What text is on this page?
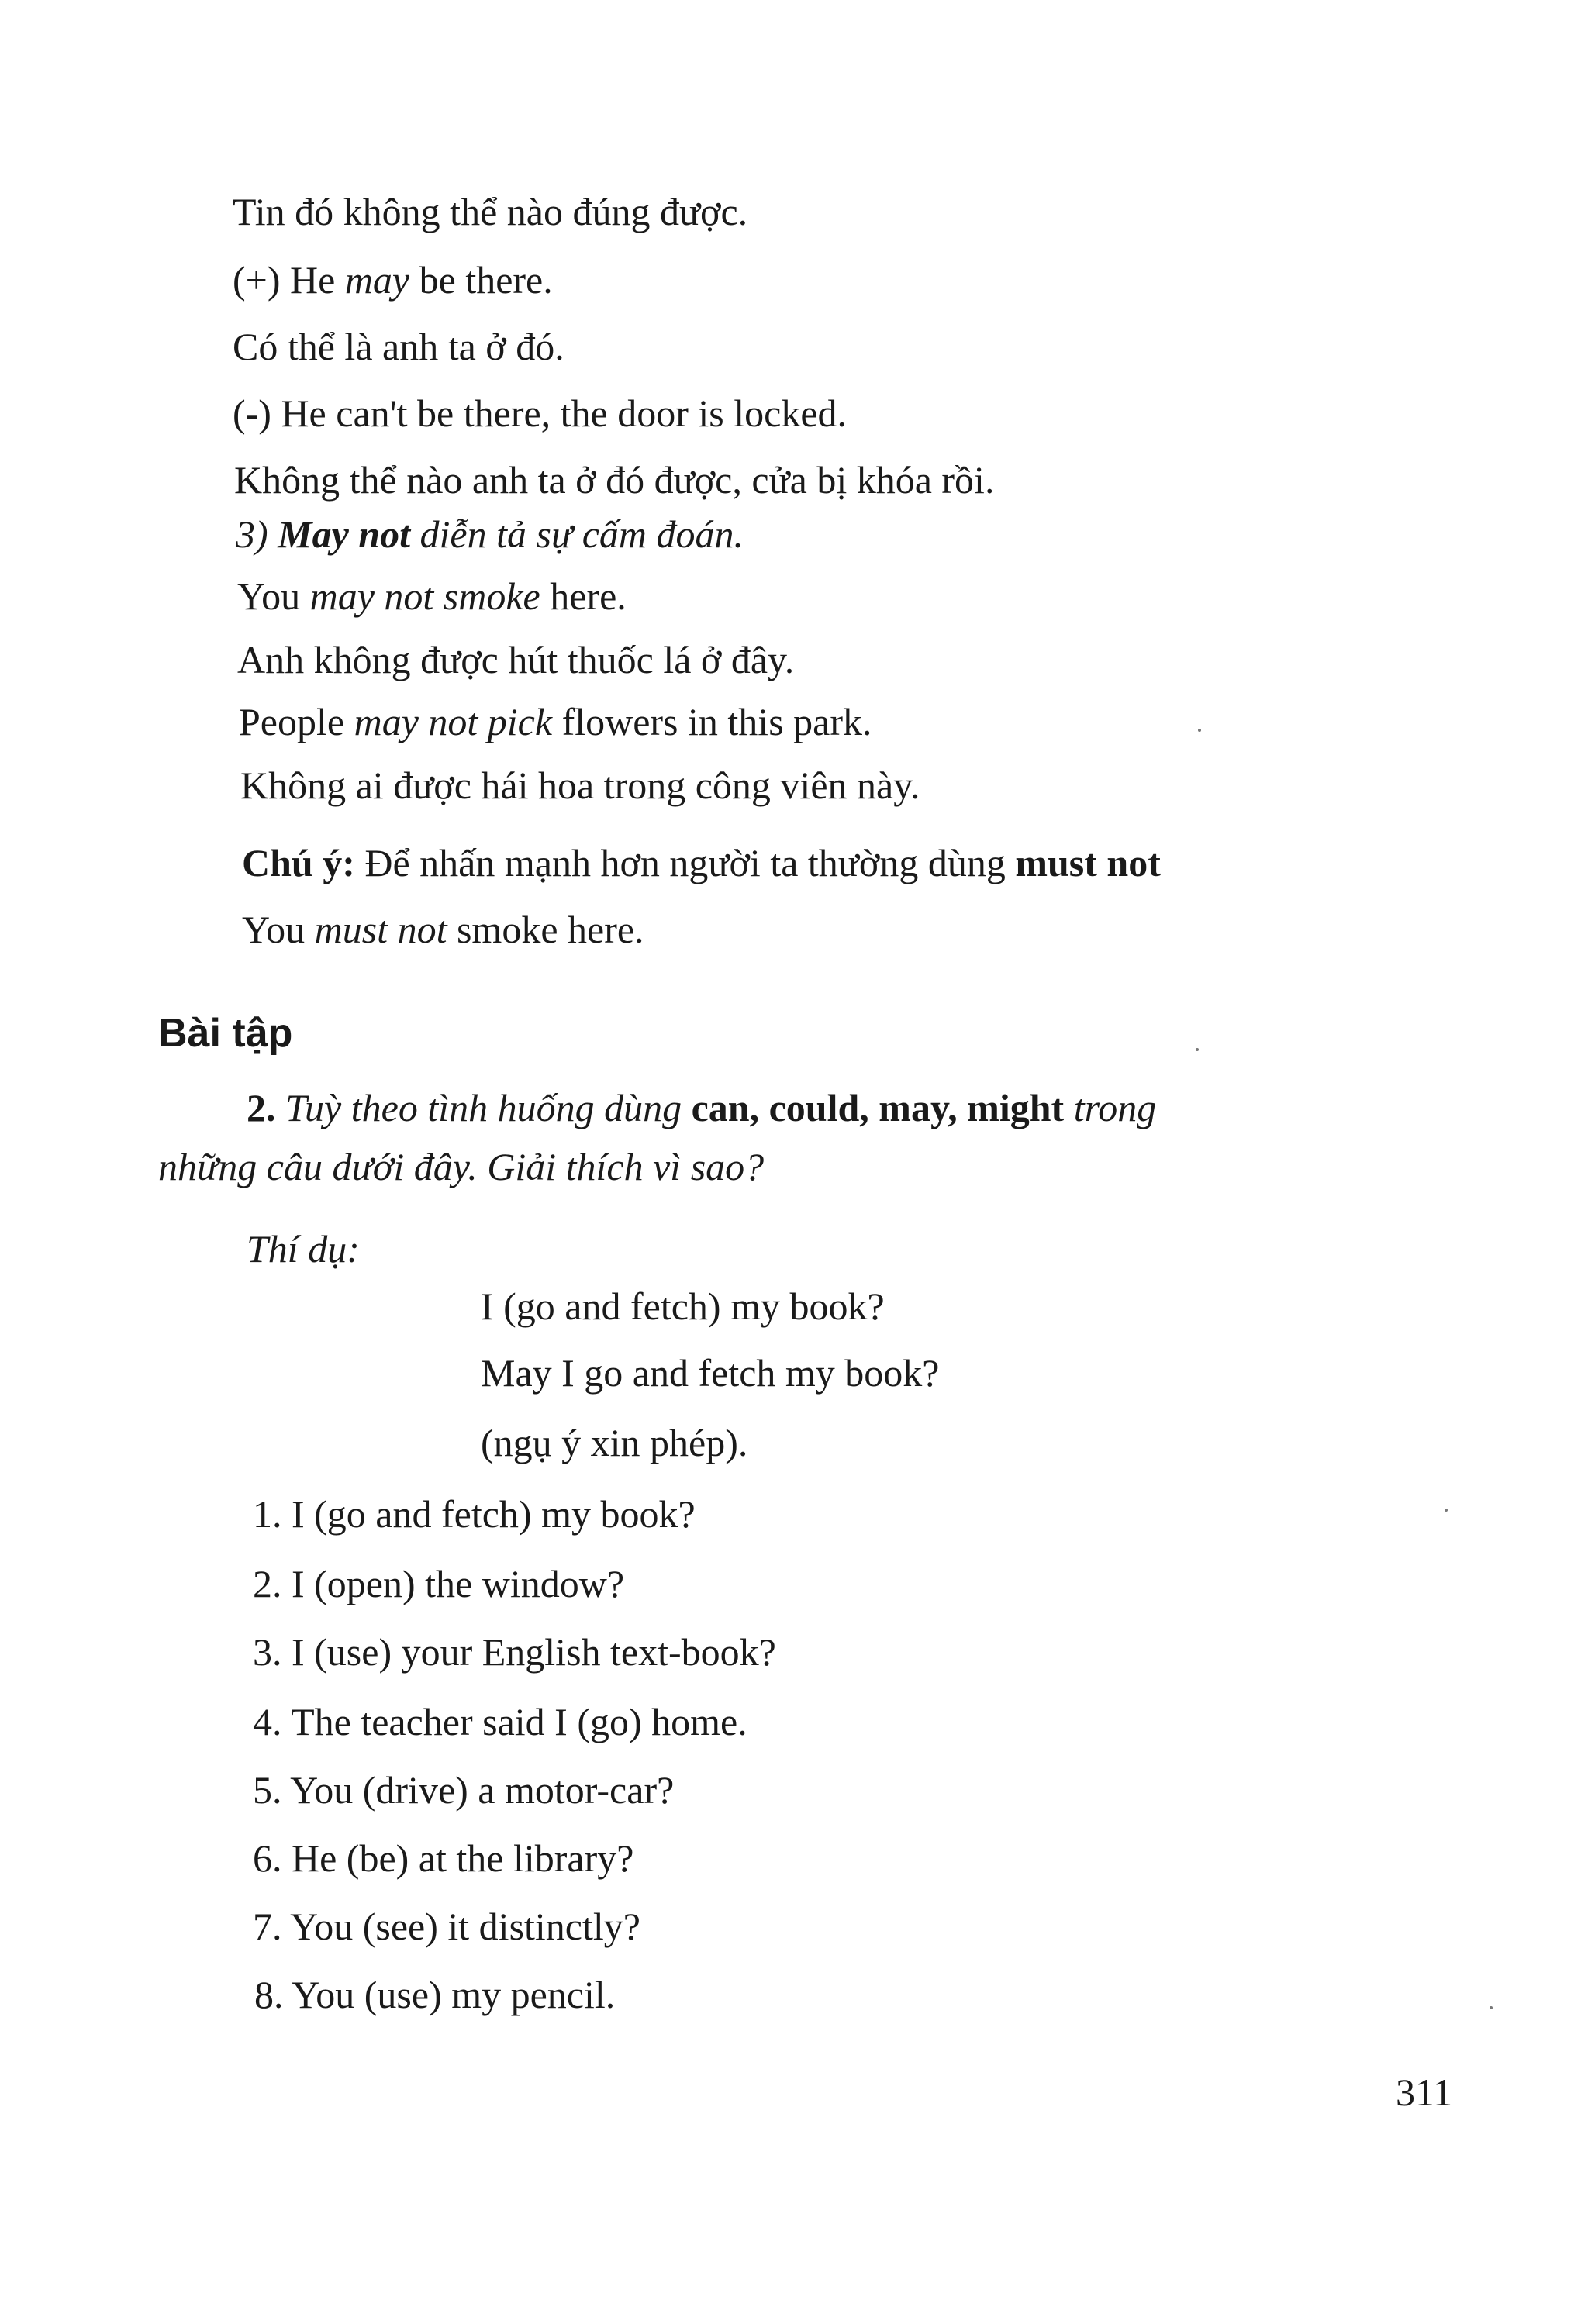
Tin đó không thể nào đúng được.
(+) He may be there.
Có thể là anh ta ở đó.
(-) He can't be there, the door is locked.
Không thể nào anh ta ở đó được, cửa bị khóa rồi.
3) May not diễn tả sự cấm đoán.
You may not smoke here.
Anh không được hút thuốc lá ở đây.
People may not pick flowers in this park.
Không ai được hái hoa trong công viên này.
Chú ý: Để nhấn mạnh hơn người ta thường dùng must not
You must not smoke here.
Bài tập
2. Tuỳ theo tình huống dùng can, could, may, might trong
những câu dưới đây. Giải thích vì sao?
Thí dụ:
I (go and fetch) my book?
May I go and fetch my book?
(ngụ ý xin phép).
1. I (go and fetch) my book?
2. I (open) the window?
3. I (use) your English text-book?
4. The teacher said I (go) home.
5. You (drive) a motor-car?
6. He (be) at the library?
7. You (see) it distinctly?
8. You (use) my pencil.
311
